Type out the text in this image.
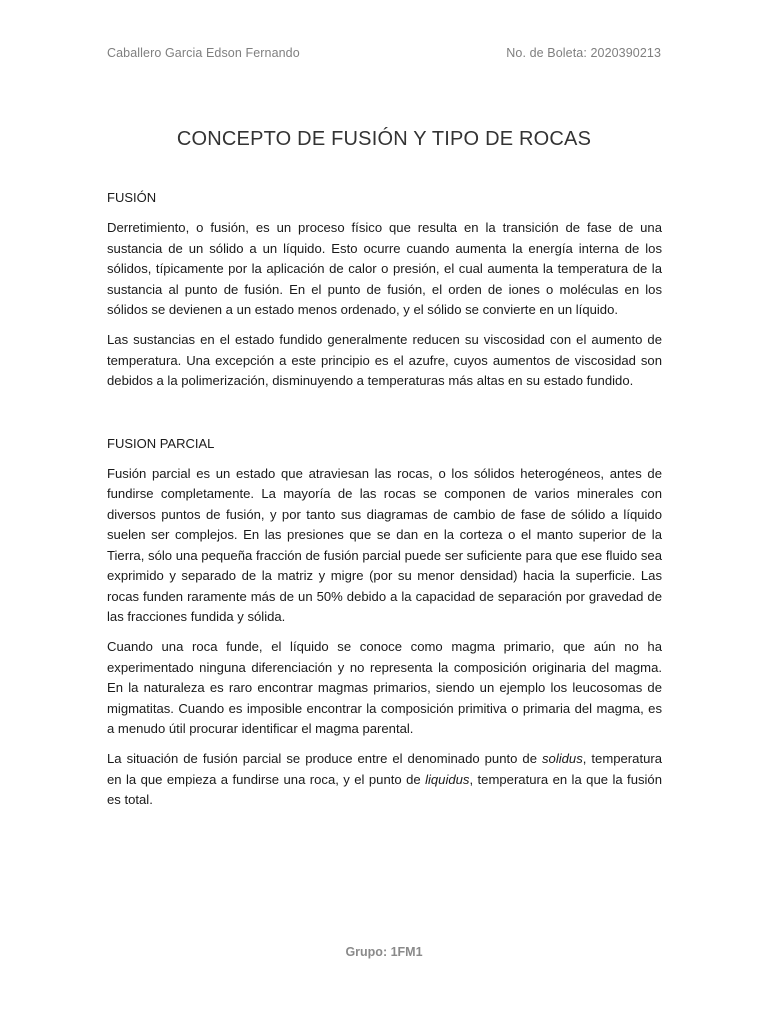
Caballero Garcia Edson Fernando	No. de Boleta: 2020390213
CONCEPTO DE FUSIÓN Y TIPO DE ROCAS
FUSIÓN

Derretimiento, o fusión, es un proceso físico que resulta en la transición de fase de una sustancia de un sólido a un líquido. Esto ocurre cuando aumenta la energía interna de los sólidos, típicamente por la aplicación de calor o presión, el cual aumenta la temperatura de la sustancia al punto de fusión. En el punto de fusión, el orden de iones o moléculas en los sólidos se devienen a un estado menos ordenado, y el sólido se convierte en un líquido.

Las sustancias en el estado fundido generalmente reducen su viscosidad con el aumento de temperatura. Una excepción a este principio es el azufre, cuyos aumentos de viscosidad son debidos a la polimerización, disminuyendo a temperaturas más altas en su estado fundido.

FUSION PARCIAL

Fusión parcial es un estado que atraviesan las rocas, o los sólidos heterogéneos, antes de fundirse completamente. La mayoría de las rocas se componen de varios minerales con diversos puntos de fusión, y por tanto sus diagramas de cambio de fase de sólido a líquido suelen ser complejos. En las presiones que se dan en la corteza o el manto superior de la Tierra, sólo una pequeña fracción de fusión parcial puede ser suficiente para que ese fluido sea exprimido y separado de la matriz y migre (por su menor densidad) hacia la superficie. Las rocas funden raramente más de un 50% debido a la capacidad de separación por gravedad de las fracciones fundida y sólida.

Cuando una roca funde, el líquido se conoce como magma primario, que aún no ha experimentado ninguna diferenciación y no representa la composición originaria del magma. En la naturaleza es raro encontrar magmas primarios, siendo un ejemplo los leucosomas de migmatitas. Cuando es imposible encontrar la composición primitiva o primaria del magma, es a menudo útil procurar identificar el magma parental.

La situación de fusión parcial se produce entre el denominado punto de solidus, temperatura en la que empieza a fundirse una roca, y el punto de liquidus, temperatura en la que la fusión es total.

Grupo: 1FM1
